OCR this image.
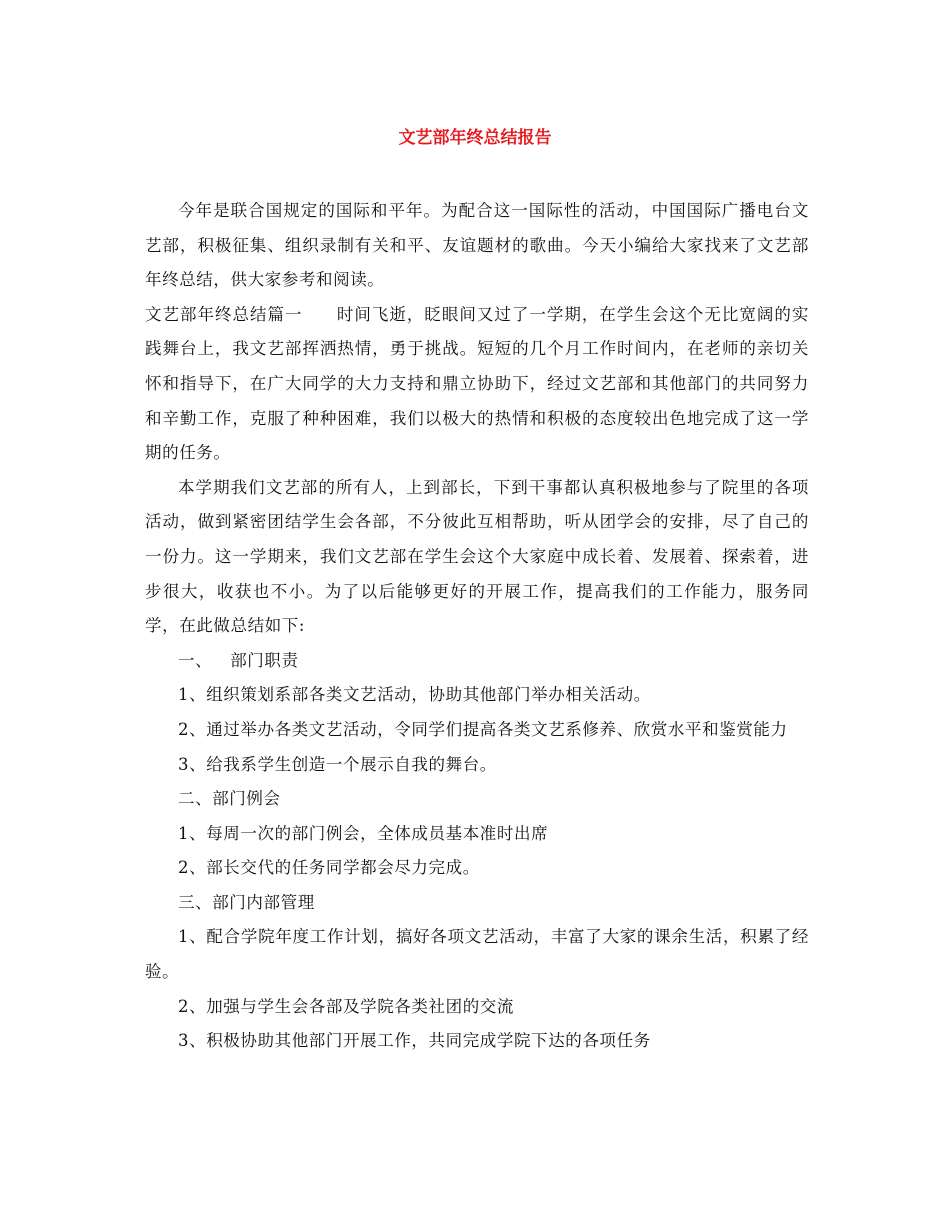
文艺部年终总结报告

今年是联合国规定的国际和平年。为配合这一国际性的活动，中国国际广播电台文艺部，积极征集、组织录制有关和平、友谊题材的歌曲。今天小编给大家找来了文艺部年终总结，供大家参考和阅读。

文艺部年终总结篇一 时间飞逝，眨眼间又过了一学期，在学生会这个无比宽阔的实践舞台上，我文艺部挥洒热情，勇于挑战。短短的几个月工作时间内，在老师的亲切关怀和指导下，在广大同学的大力支持和鼎立协助下，经过文艺部和其他部门的共同努力和辛勤工作，克服了种种困难，我们以极大的热情和积极的态度较出色地完成了这一学期的任务。

本学期我们文艺部的所有人，上到部长，下到干事都认真积极地参与了院里的各项活动，做到紧密团结学生会各部，不分彼此互相帮助，听从团学会的安排，尽了自己的一份力。这一学期来，我们文艺部在学生会这个大家庭中成长着、发展着、探索着，进步很大，收获也不小。为了以后能够更好的开展工作，提高我们的工作能力，服务同学，在此做总结如下:

一、 部门职责

1、组织策划系部各类文艺活动，协助其他部门举办相关活动。

2、通过举办各类文艺活动，令同学们提高各类文艺系修养、欣赏水平和鉴赏能力

3、给我系学生创造一个展示自我的舞台。

二、部门例会

1、每周一次的部门例会，全体成员基本准时出席

2、部长交代的任务同学都会尽力完成。

三、部门内部管理

1、配合学院年度工作计划，搞好各项文艺活动，丰富了大家的课余生活，积累了经验。

2、加强与学生会各部及学院各类社团的交流

3、积极协助其他部门开展工作，共同完成学院下达的各项任务
